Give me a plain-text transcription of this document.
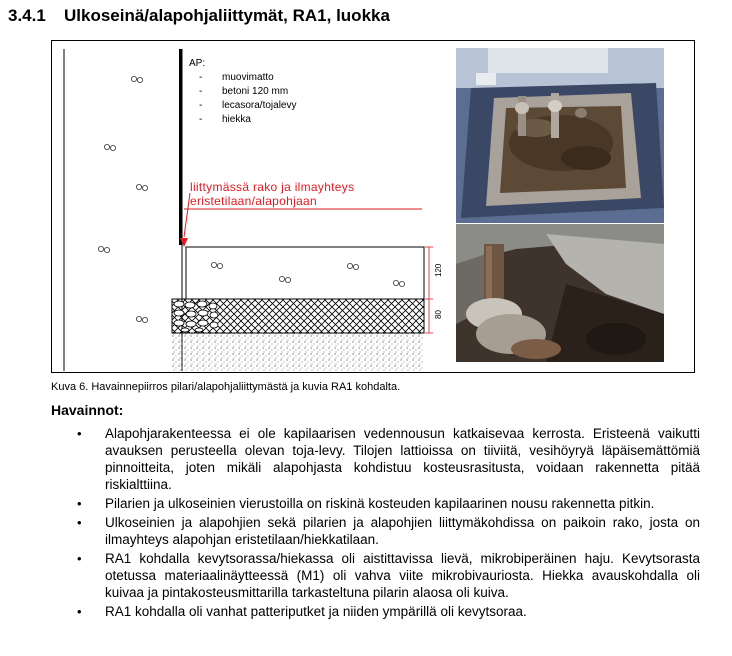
3.4.1 Ulkoseinä/alapohjaliittymät, RA1, luokka
AP:
- muovimatto
- betoni 120 mm
- lecasora/tojalevy
- hiekka
liittymässä rako ja ilmayhteys
eristetilaan/alapohjaan
120
80
Kuva 6. Havainnepiirros pilari/alapohjaliittymästä ja kuvia RA1 kohdalta.
Havainnot:
• Alapohjarakenteessa ei ole kapilaarisen vedennousun katkaisevaa kerrosta. Eristeenä vaikutti avauksen perusteella olevan toja-levy. Tilojen lattioissa on tiiviitä, vesihöyryä läpäisemättömiä pinnoitteita, joten mikäli alapohjasta kohdistuu kosteusrasitusta, voidaan rakennetta pitää riskialttiina.
• Pilarien ja ulkoseinien vierustoilla on riskinä kosteuden kapilaarinen nousu rakennetta pitkin.
• Ulkoseinien ja alapohjien sekä pilarien ja alapohjien liittymäkohdissa on paikoin rako, josta on ilmayhteys alapohjan eristetilaan/hiekkatilaan.
• RA1 kohdalla kevytsorassa/hiekassa oli aistittavissa lievä, mikrobiperäinen haju. Kevytsorasta otetussa materiaalinäytteessä (M1) oli vahva viite mikrobivauriosta. Hiekka avauskohdalla oli kuivaa ja pintakosteusmittarilla tarkasteltuna pilarin alaosa oli kuiva.
• RA1 kohdalla oli vanhat patteriputket ja niiden ympärillä oli kevytsoraa.
